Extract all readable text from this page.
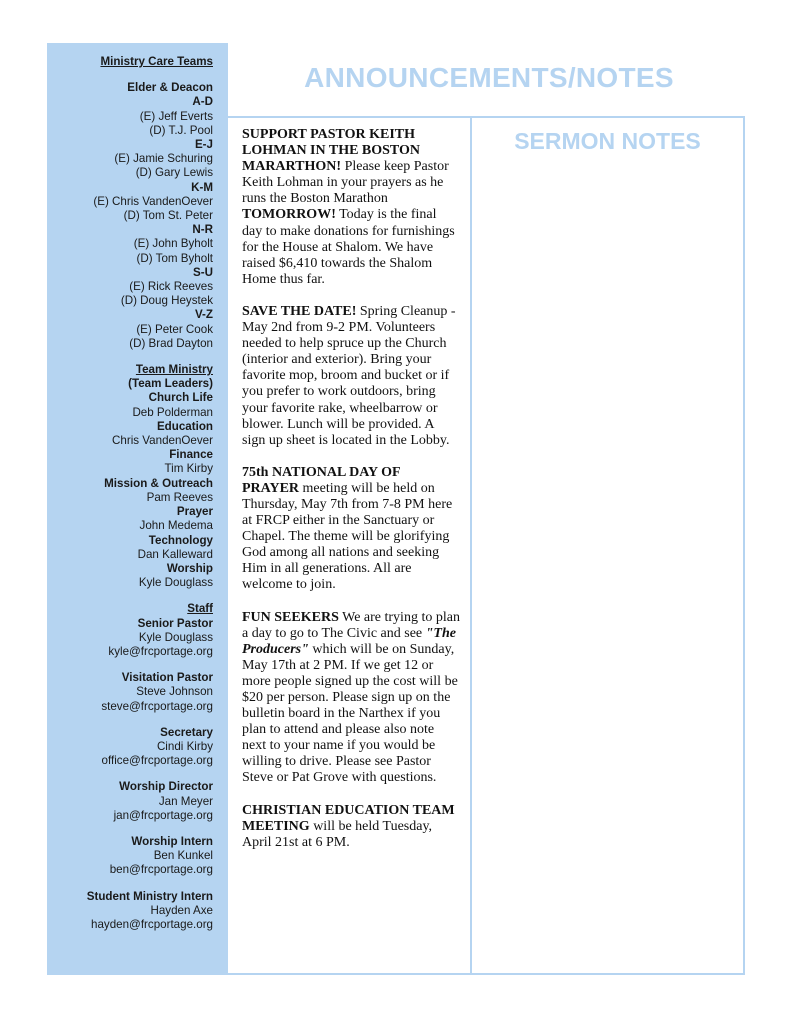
Ministry Care Teams
Elder & Deacon
A-D
(E) Jeff Everts
(D) T.J. Pool
E-J
(E) Jamie Schuring
(D) Gary Lewis
K-M
(E) Chris VandenOever
(D) Tom St. Peter
N-R
(E) John Byholt
(D) Tom Byholt
S-U
(E) Rick Reeves
(D) Doug Heystek
V-Z
(E) Peter Cook
(D) Brad Dayton
Team Ministry
(Team Leaders)
Church Life
Deb Polderman
Education
Chris VandenOever
Finance
Tim Kirby
Mission & Outreach
Pam Reeves
Prayer
John Medema
Technology
Dan Kalleward
Worship
Kyle Douglass
Staff
Senior Pastor
Kyle Douglass
kyle@frcportage.org
Visitation Pastor
Steve Johnson
steve@frcportage.org
Secretary
Cindi Kirby
office@frcportage.org
Worship Director
Jan Meyer
jan@frcportage.org
Worship Intern
Ben Kunkel
ben@frcportage.org
Student Ministry Intern
Hayden Axe
hayden@frcportage.org
ANNOUNCEMENTS/NOTES

SUPPORT PASTOR KEITH LOHMAN IN THE BOSTON MARARTHON! Please keep Pastor Keith Lohman in your prayers as he runs the Boston Marathon TOMORROW! Today is the final day to make donations for furnishings for the House at Shalom. We have raised $6,410 towards the Shalom Home thus far.

SAVE THE DATE! Spring Cleanup - May 2nd from 9-2 PM. Volunteers needed to help spruce up the Church (interior and exterior). Bring your favorite mop, broom and bucket or if you prefer to work outdoors, bring your favorite rake, wheelbarrow or blower. Lunch will be provided. A sign up sheet is located in the Lobby.

75th NATIONAL DAY OF PRAYER meeting will be held on Thursday, May 7th from 7-8 PM here at FRCP either in the Sanctuary or Chapel. The theme will be glorifying God among all nations and seeking Him in all generations. All are welcome to join.

FUN SEEKERS We are trying to plan a day to go to The Civic and see "The Producers" which will be on Sunday, May 17th at 2 PM. If we get 12 or more people signed up the cost will be $20 per person. Please sign up on the bulletin board in the Narthex if you plan to attend and please also note next to your name if you would be willing to drive. Please see Pastor Steve or Pat Grove with questions.

CHRISTIAN EDUCATION TEAM MEETING will be held Tuesday, April 21st at 6 PM.

SERMON NOTES
